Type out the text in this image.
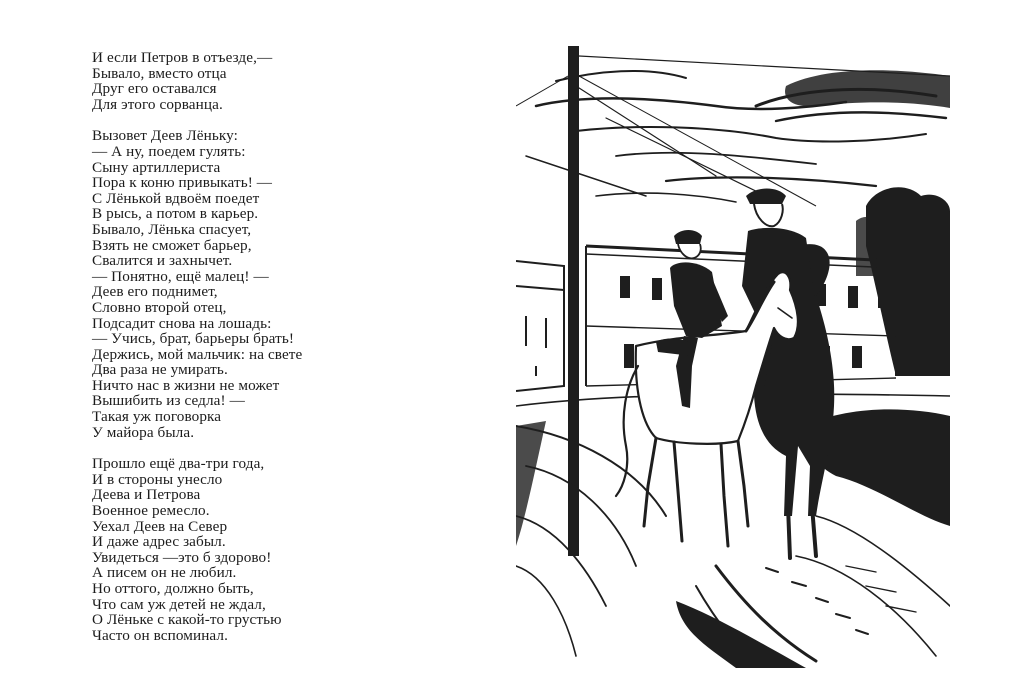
И если Петров в отъезде,—
Бывало, вместо отца
Друг его оставался
Для этого сорванца.
Вызовет Деев Лёньку:
— А ну, поедем гулять:
Сыну артиллериста
Пора к коню привыкать! —
С Лёнькой вдвоём поедет
В рысь, а потом в карьер.
Бывало, Лёнька спасует,
Взять не сможет барьер,
Свалится и захнычет.
— Понятно, ещё малец! —
Деев его поднимет,
Словно второй отец,
Подсадит снова на лошадь:
— Учись, брат, барьеры брать!
Держись, мой мальчик: на свете
Два раза не умирать.
Ничто нас в жизни не может
Вышибить из седла! —
Такая уж поговорка
У майора была.
Прошло ещё два-три года,
И в стороны унесло
Деева и Петрова
Военное ремесло.
Уехал Деев на Север
И даже адрес забыл.
Увидеться —это б здорово!
А писем он не любил.
Но оттого, должно быть,
Что сам уж детей не ждал,
О Лёньке с какой-то грустью
Часто он вспоминал.
